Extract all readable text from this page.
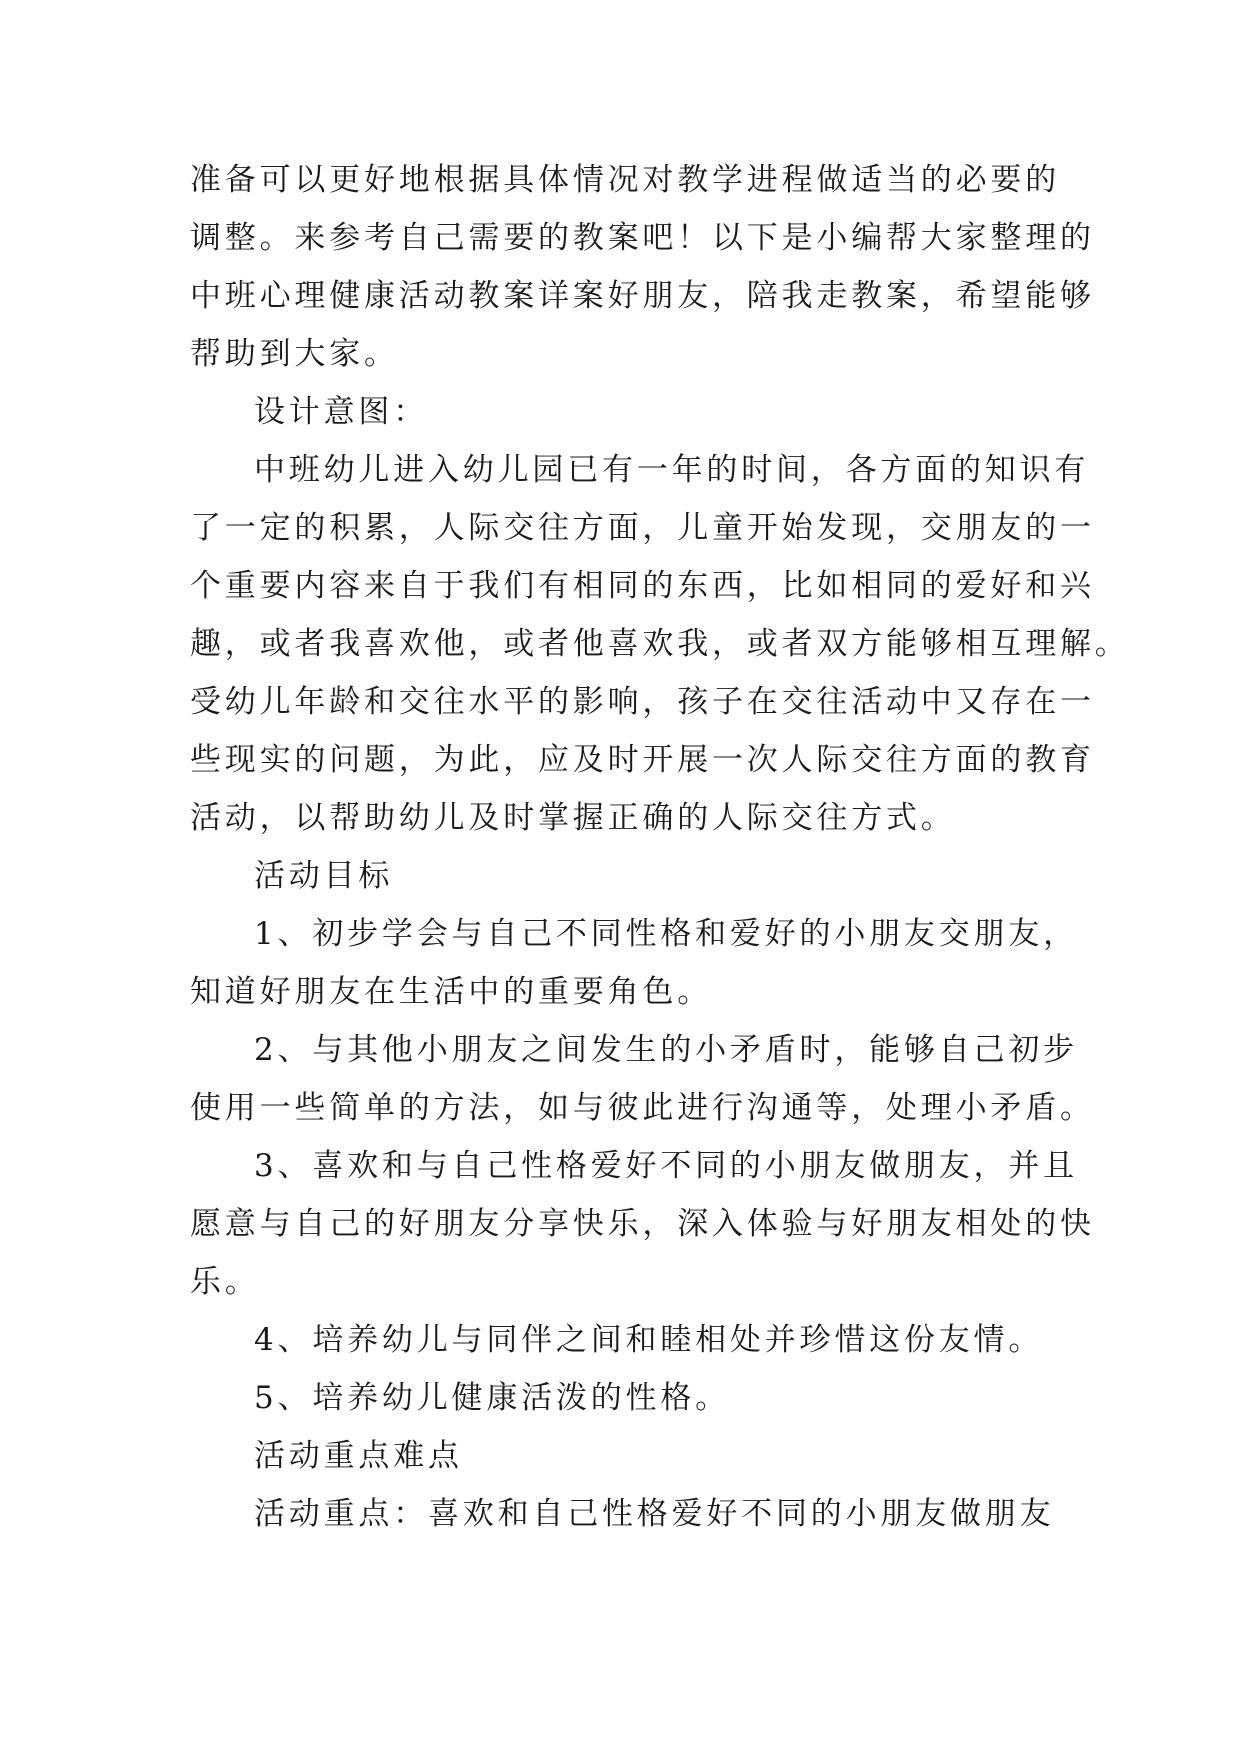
准备可以更好地根据具体情况对教学进程做适当的必要的
调整。来参考自己需要的教案吧！以下是小编帮大家整理的
中班心理健康活动教案详案好朋友，陪我走教案，希望能够
帮助到大家。
设计意图：
中班幼儿进入幼儿园已有一年的时间，各方面的知识有
了一定的积累，人际交往方面，儿童开始发现，交朋友的一
个重要内容来自于我们有相同的东西，比如相同的爱好和兴
趣，或者我喜欢他，或者他喜欢我，或者双方能够相互理解。
受幼儿年龄和交往水平的影响，孩子在交往活动中又存在一
些现实的问题，为此，应及时开展一次人际交往方面的教育
活动，以帮助幼儿及时掌握正确的人际交往方式。
活动目标
1、初步学会与自己不同性格和爱好的小朋友交朋友，
知道好朋友在生活中的重要角色。
2、与其他小朋友之间发生的小矛盾时，能够自己初步
使用一些简单的方法，如与彼此进行沟通等，处理小矛盾。
3、喜欢和与自己性格爱好不同的小朋友做朋友，并且
愿意与自己的好朋友分享快乐，深入体验与好朋友相处的快
乐。
4、培养幼儿与同伴之间和睦相处并珍惜这份友情。
5、培养幼儿健康活泼的性格。
活动重点难点
活动重点：喜欢和自己性格爱好不同的小朋友做朋友
